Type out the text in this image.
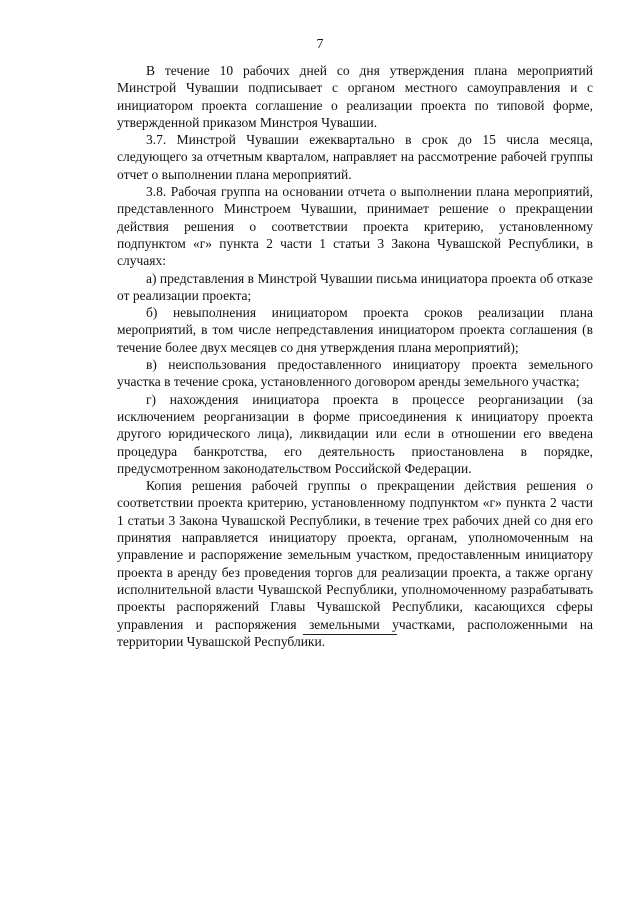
7

В течение 10 рабочих дней со дня утверждения плана мероприятий Минстрой Чувашии подписывает с органом местного самоуправления и с инициатором проекта соглашение о реализации проекта по типовой форме, утвержденной приказом Минстроя Чувашии.

3.7. Минстрой Чувашии ежеквартально в срок до 15 числа месяца, следующего за отчетным кварталом, направляет на рассмотрение рабочей группы отчет о выполнении плана мероприятий.

3.8. Рабочая группа на основании отчета о выполнении плана мероприятий, представленного Минстроем Чувашии, принимает решение о прекращении действия решения о соответствии проекта критерию, установленному подпунктом «г» пункта 2 части 1 статьи 3 Закона Чувашской Республики, в случаях:

а) представления в Минстрой Чувашии письма инициатора проекта об отказе от реализации проекта;

б) невыполнения инициатором проекта сроков реализации плана мероприятий, в том числе непредставления инициатором проекта соглашения (в течение более двух месяцев со дня утверждения плана мероприятий);

в) неиспользования предоставленного инициатору проекта земельного участка в течение срока, установленного договором аренды земельного участка;

г) нахождения инициатора проекта в процессе реорганизации (за исключением реорганизации в форме присоединения к инициатору проекта другого юридического лица), ликвидации или если в отношении его введена процедура банкротства, его деятельность приостановлена в порядке, предусмотренном законодательством Российской Федерации.

Копия решения рабочей группы о прекращении действия решения о соответствии проекта критерию, установленному подпунктом «г» пункта 2 части 1 статьи 3 Закона Чувашской Республики, в течение трех рабочих дней со дня его принятия направляется инициатору проекта, органам, уполномоченным на управление и распоряжение земельным участком, предоставленным инициатору проекта в аренду без проведения торгов для реализации проекта, а также органу исполнительной власти Чувашской Республики, уполномоченному разрабатывать проекты распоряжений Главы Чувашской Республики, касающихся сферы управления и распоряжения земельными участками, расположенными на территории Чувашской Республики.
